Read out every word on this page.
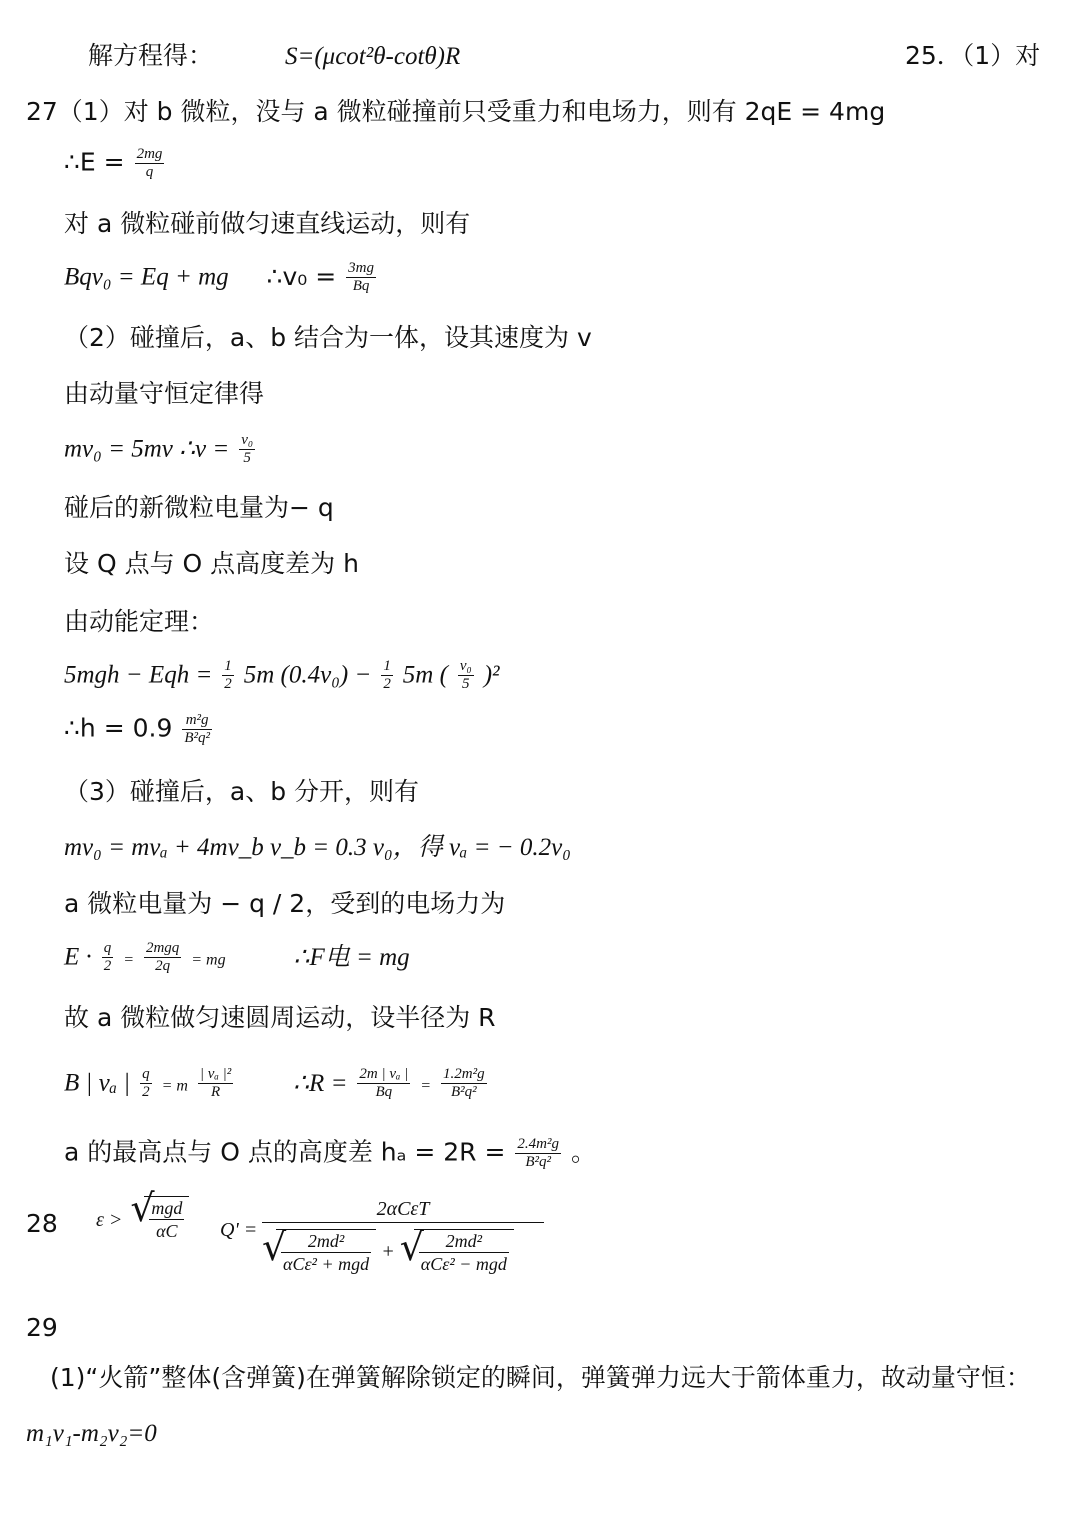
解方程得：	S=(μcot²θ-cotθ)R	25．（1）对
27（1）对 b 微粒，没与 a 微粒碰撞前只受重力和电场力，则有 2qE = 4mg
∴E = $\frac{2mg}{q}$
对 a 微粒碰前做匀速直线运动，则有
Bqv₀ = Eq + mg ∴v₀ = $\frac{3mg}{Bq}$
（2）碰撞后，a、b 结合为一体，设其速度为 v
由动量守恒定律得
mv₀ = 5mv ∴v = $\frac{\text{v₀}}{5}$
碰后的新微粒电量为− q
设 Q 点与 O 点高度差为 h
由动能定理：
5mgh − Eqh = $\frac{1}{2} 5m$ $(0.4v_0) - \frac{1}{2} 5m$ ( $\frac{\text{v₀}}{5} )^2$
∴h = $0.9 \frac{\text{m²g}}{\text{B²q²}}$
（3）碰撞后，a、b 分开，则有
mv₀ = mvₐ + 4mv_b v_b = 0.3 v₀，得 vₐ = − 0.2v₀
a 微粒电量为 − q / 2，受到的电场力为
$E \cdot \frac{q}{2} = \frac{\text{2mgq}}{2q}$ = mg	∴F电 = mg
故 a 微粒做匀速圆周运动，设半径为 R
B | vₐ | $\frac{q}{2} = m \frac{\text{| vₐ |²}}{R}$ ∴R = $\frac{\text{2m | vₐ |}}{Bq} = \frac{\text{1.2m²g}}{\text{B²q²}}$
a 的最高点与 O 点的高度差 $h_a = 2R = \frac{\text{2.4m²g}}{\text{B²q²}}$ 。
28 ε > √ $\frac{\text{mgd}}{\alpha C} Q'$ =
2αCεT
√ $\frac{\text{2md²}}{\text{αCε² + mgd}}$ + √ $\frac{\text{2md²}}{\text{αCε² − mgd}}$
29
(1)“火箭”整体(含弹簧)在弹簧解除锁定的瞬间，弹簧弹力远大于箭体重力，故动量守恒：
m₁v₁-m₂v₂=0
